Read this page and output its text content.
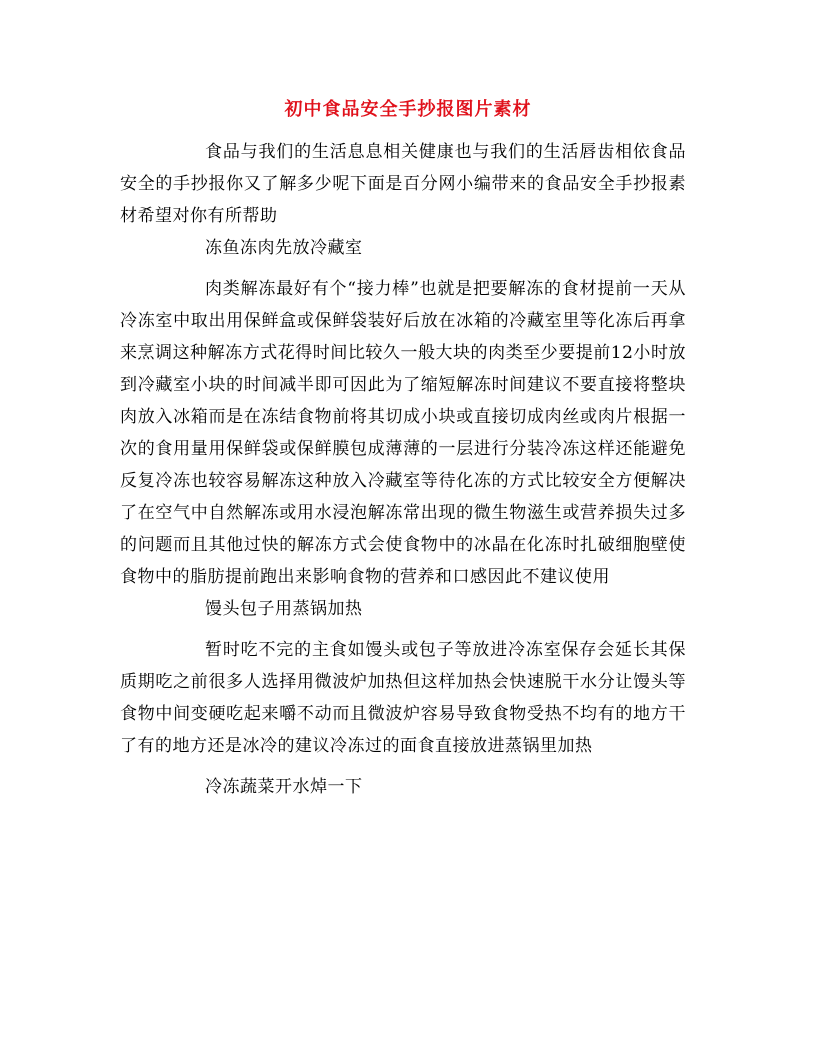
初中食品安全手抄报图片素材

食品与我们的生活息息相关健康也与我们的生活唇齿相依食品安全的手抄报你又了解多少呢下面是百分网小编带来的食品安全手抄报素材希望对你有所帮助

冻鱼冻肉先放冷藏室

肉类解冻最好有个“接力棒”也就是把要解冻的食材提前一天从冷冻室中取出用保鲜盒或保鲜袋装好后放在冰箱的冷藏室里等化冻后再拿来烹调这种解冻方式花得时间比较久一般大块的肉类至少要提前12小时放到冷藏室小块的时间减半即可因此为了缩短解冻时间建议不要直接将整块肉放入冰箱而是在冻结食物前将其切成小块或直接切成肉丝或肉片根据一次的食用量用保鲜袋或保鲜膜包成薄薄的一层进行分装冷冻这样还能避免反复冷冻也较容易解冻这种放入冷藏室等待化冻的方式比较安全方便解决了在空气中自然解冻或用水浸泡解冻常出现的微生物滋生或营养损失过多的问题而且其他过快的解冻方式会使食物中的冰晶在化冻时扎破细胞壁使食物中的脂肪提前跑出来影响食物的营养和口感因此不建议使用

馒头包子用蒸锅加热

暂时吃不完的主食如馒头或包子等放进冷冻室保存会延长其保质期吃之前很多人选择用微波炉加热但这样加热会快速脱干水分让馒头等食物中间变硬吃起来嚼不动而且微波炉容易导致食物受热不均有的地方干了有的地方还是冰冷的建议冷冻过的面食直接放进蒸锅里加热

冷冻蔬菜开水焯一下
